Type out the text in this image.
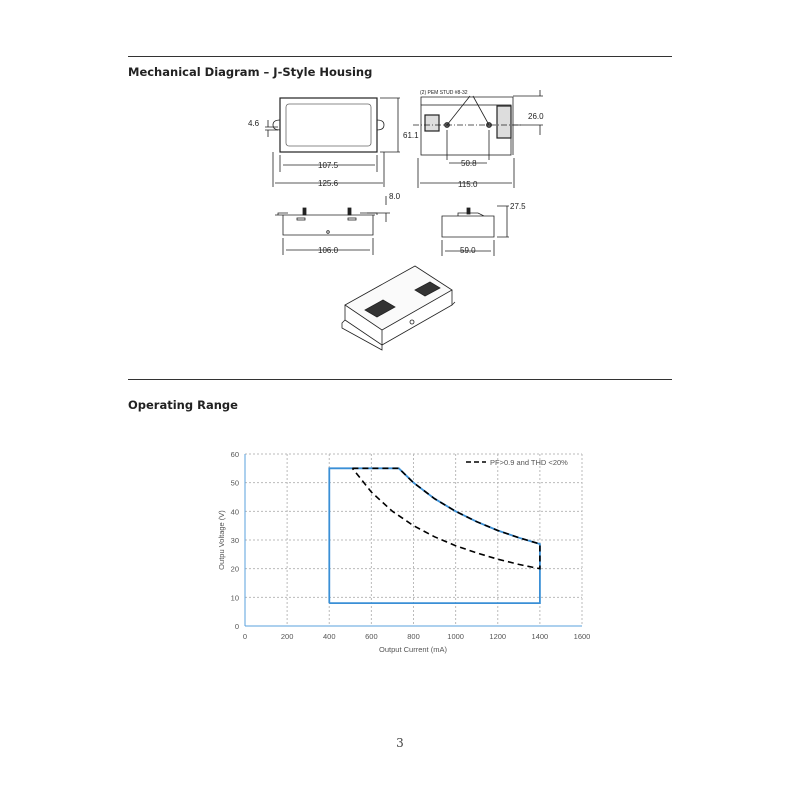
Mechanical Diagram – J-Style Housing
Operating Range
3
4.6
61.1
107.5
125.6
(2) PEM STUD #8-32
26.0
50.8
115.0
8.0
106.0
27.5
59.0
0	200	400	600	800	1000	1200	1400	1600
0
10
20
30
40
50
60
PF>0.9 and THD <20%
Output Current (mA)
Outpu Voltage (V)
